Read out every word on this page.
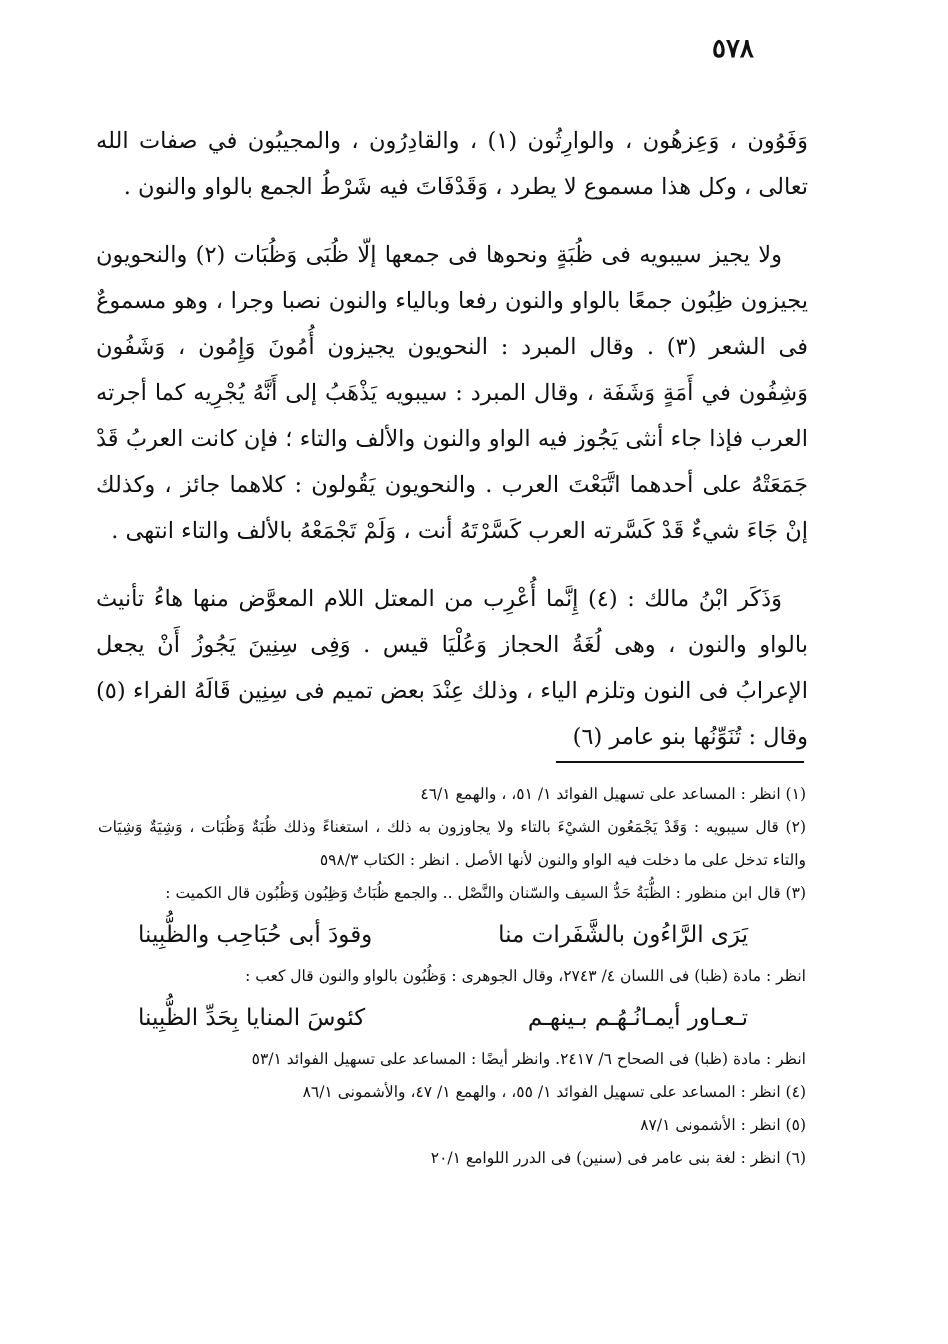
٥٧٨

وَفَوُون ، وَعِزهُون ، والوارِثُون (١) ، والقادِرُون ، والمجيبُون في صفات الله تعالى ، وكل هذا مسموع لا يطرد ، وَقَدْفَاتَ فيه شَرْطُ الجمع بالواو والنون .

ولا يجيز سيبويه فى ظُبَةٍ ونحوها فى جمعها إلّا ظُبَى وَظُبَات (٢) والنحويون يجيزون ظِبُون جمعًا بالواو والنون رفعا وبالياء والنون نصبا وجرا ، وهو مسموعٌ فى الشعر (٣) . وقال المبرد : النحويون يجيزون أُمُونَ وَإِمُون ، وَشَفُون وَشِفُون في أَمَةٍ وَشَفَة ، وقال المبرد : سيبويه يَذْهَبُ إلى أَنَّهُ يُجْرِيه كما أجرته العرب فإذا جاء أنثى يَجُوز فيه الواو والنون والألف والتاء ؛ فإن كانت العربُ قَدْ جَمَعَتْهُ على أحدهما اتَّبَعْتَ العرب . والنحويون يَقُولون : كلاهما جائز ، وكذلك إنْ جَاءَ شيءٌ قَدْ كَسَّرته العرب كَسَّرْتَهُ أنت ، وَلَمْ تَجْمَعْهُ بالألف والتاء انتهى .

وَذَكَر ابْنُ مالك : (٤) إِنَّما أُعْرِب من المعتل اللام المعوَّض منها هاءُ تأنيث بالواو والنون ، وهى لُغَةُ الحجاز وَعُلْيَا قيس . وَفِى سِنِينَ يَجُوزُ أَنْ يجعل الإعرابُ فى النون وتلزم الياء ، وذلك عِنْدَ بعض تميم فى سِنِين قَالَهُ الفراء (٥) وقال : تُنَوِّنُها بنو عامر (٦)

(١) انظر : المساعد على تسهيل الفوائد ١/ ٥١، ، والهمع ٤٦/١

(٢) قال سيبويه : وَقَدْ يَجْمَعُون الشيْءَ بالتاء ولا يجاوزون به ذلك ، استغناءً وذلك ظُبَةٌ وَظُبَات ، وَشِيَةٌ وَشِيَات والتاء تدخل على ما دخلت فيه الواو والنون لأنها الأصل . انظر : الكتاب ٥٩٨/٣

(٣) قال ابن منظور : الظُّبَةُ حَدُّ السيف والسّنان والنَّصْل .. والجمع ظُبَاتٌ وَظِبُون وَظُبُون قال الكميت :

يَرَى الرَّاءُون بالشَّفَرات منا
وقودَ أبى حُبَاحِب والظُّبِينا

انظر : مادة (ظبا) فى اللسان ٤/ ٢٧٤٣، وقال الجوهرى : وَظُبُون بالواو والنون قال كعب :

تـعـاور أيمـانُـهُـم بـينهـم
كئوسَ المنايا بِحَدِّ الظُّبِينا

انظر : مادة (ظبا) فى الصحاح ٦/ ٢٤١٧. وانظر أيضًا : المساعد على تسهيل الفوائد ٥٣/١

(٤) انظر : المساعد على تسهيل الفوائد ١/ ٥٥، ، والهمع ١/ ٤٧، والأشمونى ٨٦/١

(٥) انظر : الأشمونى ٨٧/١

(٦) انظر : لغة بنى عامر فى (سنين) فى الدرر اللوامع ٢٠/١
